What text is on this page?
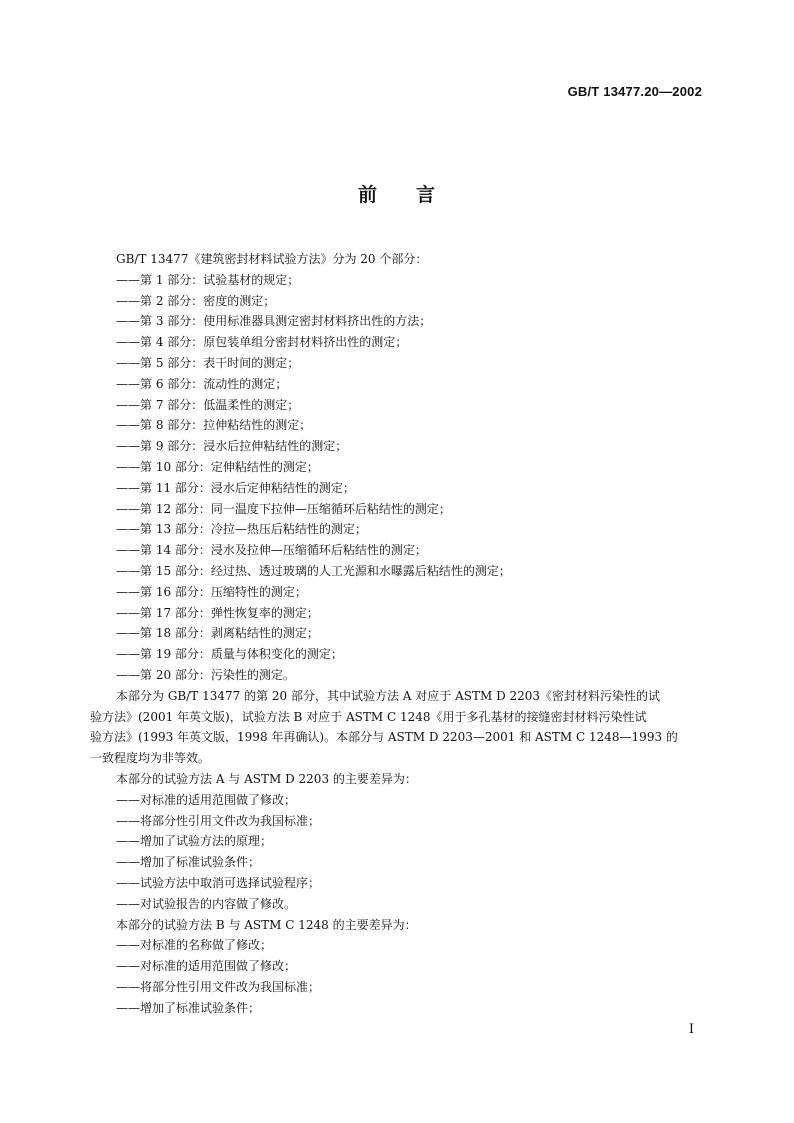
GB/T 13477.20—2002
前 言
GB/T 13477《建筑密封材料试验方法》分为 20 个部分：
——第 1 部分：试验基材的规定；
——第 2 部分：密度的测定；
——第 3 部分：使用标准器具测定密封材料挤出性的方法；
——第 4 部分：原包装单组分密封材料挤出性的测定；
——第 5 部分：表干时间的测定；
——第 6 部分：流动性的测定；
——第 7 部分：低温柔性的测定；
——第 8 部分：拉伸粘结性的测定；
——第 9 部分：浸水后拉伸粘结性的测定；
——第 10 部分：定伸粘结性的测定；
——第 11 部分：浸水后定伸粘结性的测定；
——第 12 部分：同一温度下拉伸—压缩循环后粘结性的测定；
——第 13 部分：冷拉—热压后粘结性的测定；
——第 14 部分：浸水及拉伸—压缩循环后粘结性的测定；
——第 15 部分：经过热、透过玻璃的人工光源和水曝露后粘结性的测定；
——第 16 部分：压缩特性的测定；
——第 17 部分：弹性恢复率的测定；
——第 18 部分：剥离粘结性的测定；
——第 19 部分：质量与体积变化的测定；
——第 20 部分：污染性的测定。
本部分为 GB/T 13477 的第 20 部分，其中试验方法 A 对应于 ASTM D 2203《密封材料污染性的试
验方法》(2001 年英文版)，试验方法 B 对应于 ASTM C 1248《用于多孔基材的接缝密封材料污染性试
验方法》(1993 年英文版，1998 年再确认)。本部分与 ASTM D 2203—2001 和 ASTM C 1248—1993 的
一致程度均为非等效。
本部分的试验方法 A 与 ASTM D 2203 的主要差异为：
——对标准的适用范围做了修改；
——将部分性引用文件改为我国标准；
——增加了试验方法的原理；
——增加了标准试验条件；
——试验方法中取消可选择试验程序；
——对试验报告的内容做了修改。
本部分的试验方法 B 与 ASTM C 1248 的主要差异为：
——对标准的名称做了修改；
——对标准的适用范围做了修改；
——将部分性引用文件改为我国标准；
——增加了标准试验条件；
I
